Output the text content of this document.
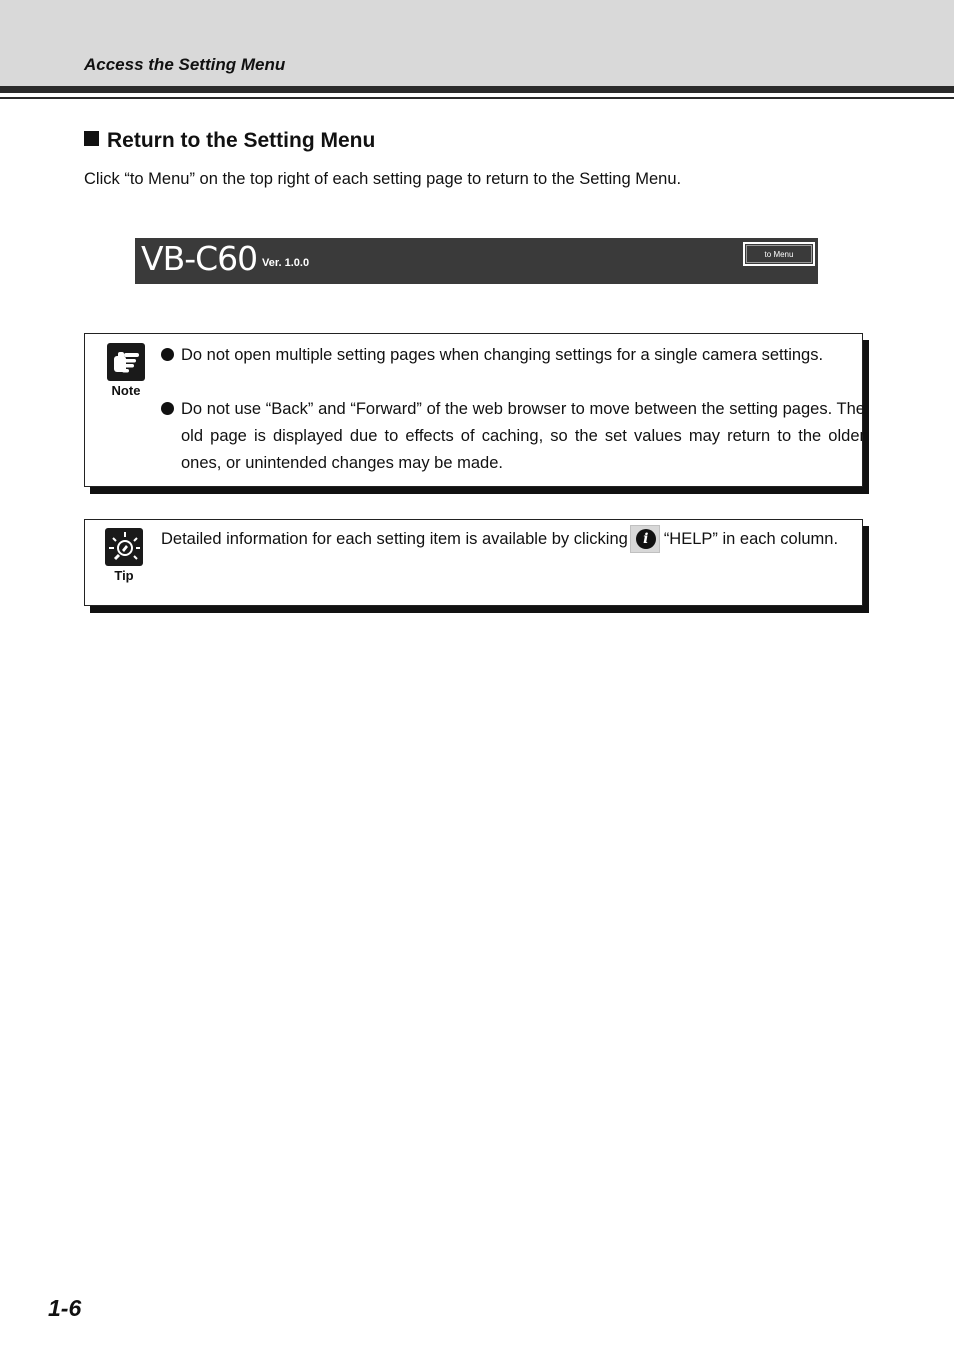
Access the Setting Menu
Return to the Setting Menu
Click “to Menu” on the top right of each setting page to return to the Setting Menu.
VB-C60 Ver. 1.0.0
to Menu
Note
Do not open multiple setting pages when changing settings for a single camera settings.
Do not use “Back” and “Forward” of the web browser to move between the setting pages. The old page is displayed due to effects of caching, so the set values may return to the older ones, or unintended changes may be made.
Tip
Detailed information for each setting item is available by clicking	i “HELP” in each column.
1-6
